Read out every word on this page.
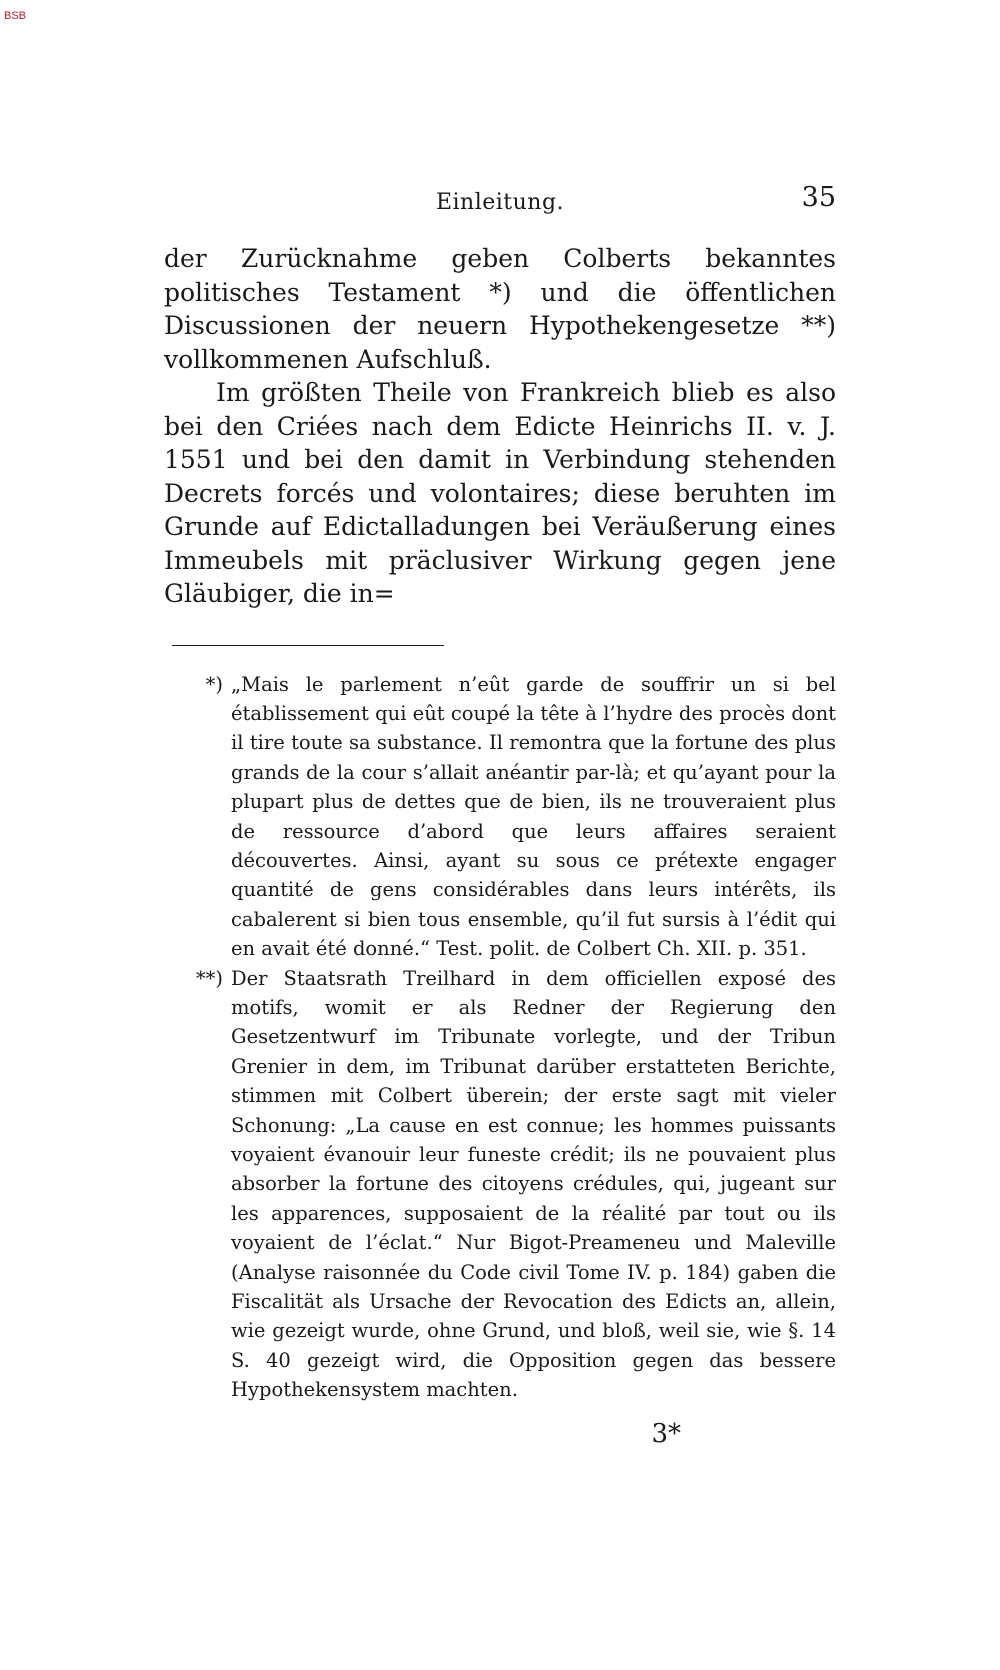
BSB
Einleitung.	35

der Zurücknahme geben Colberts bekanntes politisches Testament *) und die öffentlichen Discussionen der neuern Hypothekengesetze **) vollkommenen Aufschluß.

Im größten Theile von Frankreich blieb es also bei den Criées nach dem Edicte Heinrichs II. v. J. 1551 und bei den damit in Verbindung stehenden Decrets forcés und volontaires; diese beruhten im Grunde auf Edictalladungen bei Veräußerung eines Immeubels mit präclusiver Wirkung gegen jene Gläubiger, die in=

*) „Mais le parlement n’eût garde de souffrir un si bel établissement qui eût coupé la tête à l’hydre des procès dont il tire toute sa substance. Il remontra que la fortune des plus grands de la cour s’allait anéantir par-là; et qu’ayant pour la plupart plus de dettes que de bien, ils ne trouveraient plus de ressource d’abord que leurs affaires seraient découvertes. Ainsi, ayant su sous ce prétexte engager quantité de gens considérables dans leurs intérêts, ils cabalerent si bien tous ensemble, qu’il fut sursis à l’édit qui en avait été donné.“ Test. polit. de Colbert Ch. XII. p. 351.

**) Der Staatsrath Treilhard in dem officiellen exposé des motifs, womit er als Redner der Regierung den Gesetzentwurf im Tribunate vorlegte, und der Tribun Grenier in dem, im Tribunat darüber erstatteten Berichte, stimmen mit Colbert überein; der erste sagt mit vieler Schonung: „La cause en est connue; les hommes puissants voyaient évanouir leur funeste crédit; ils ne pouvaient plus absorber la fortune des citoyens crédules, qui, jugeant sur les apparences, supposaient de la réalité par tout ou ils voyaient de l’éclat.“ Nur Bigot-Preameneu und Maleville (Analyse raisonnée du Code civil Tome IV. p. 184) gaben die Fiscalität als Ursache der Revocation des Edicts an, allein, wie gezeigt wurde, ohne Grund, und bloß, weil sie, wie §. 14 S. 40 gezeigt wird, die Opposition gegen das bessere Hypothekensystem machten.

3*
